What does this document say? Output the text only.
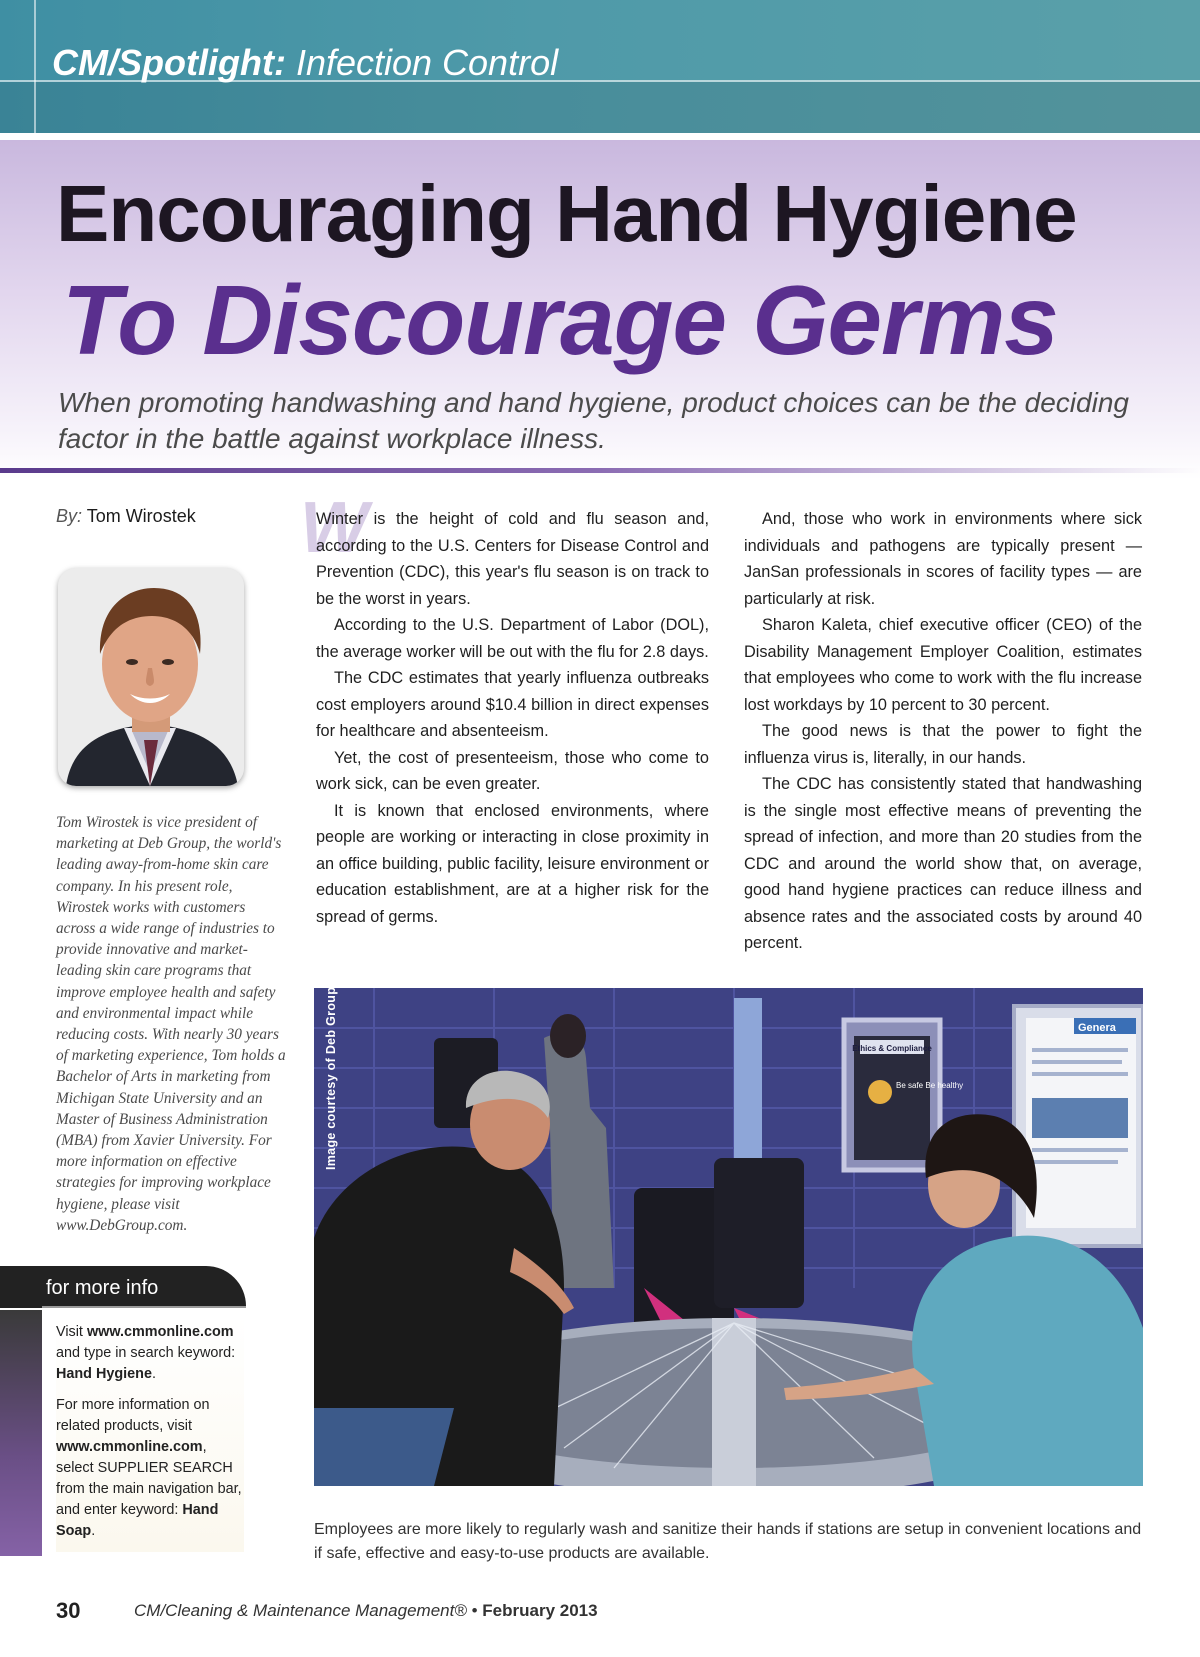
CM/Spotlight: Infection Control
Encouraging Hand Hygiene
To Discourage Germs
When promoting handwashing and hand hygiene, product choices can be the deciding factor in the battle against workplace illness.
By: Tom Wirostek
Tom Wirostek is vice president of marketing at Deb Group, the world's leading away-from-home skin care company. In his present role, Wirostek works with customers across a wide range of industries to provide innovative and market-leading skin care programs that improve employee health and safety and environmental impact while reducing costs. With nearly 30 years of marketing experience, Tom holds a Bachelor of Arts in marketing from Michigan State University and an Master of Business Administration (MBA) from Xavier University. For more information on effective strategies for improving workplace hygiene, please visit www.DebGroup.com.
for more info

Visit www.cmmonline.com and type in search keyword: Hand Hygiene.

For more information on related products, visit www.cmmonline.com, select SUPPLIER SEARCH from the main navigation bar, and enter keyword: Hand Soap.

W

Winter is the height of cold and flu season and, according to the U.S. Centers for Disease Control and Prevention (CDC), this year's flu season is on track to be the worst in years.

According to the U.S. Department of Labor (DOL), the average worker will be out with the flu for 2.8 days.

The CDC estimates that yearly influenza outbreaks cost employers around $10.4 billion in direct expenses for healthcare and absenteeism.

Yet, the cost of presenteeism, those who come to work sick, can be even greater.

It is known that enclosed environments, where people are working or interacting in close proximity in an office building, public facility, leisure environment or education establishment, are at a higher risk for the spread of germs.

And, those who work in environments where sick individuals and pathogens are typically present — JanSan professionals in scores of facility types — are particularly at risk.

Sharon Kaleta, chief executive officer (CEO) of the Disability Management Employer Coalition, estimates that employees who come to work with the flu increase lost workdays by 10 percent to 30 percent.

The good news is that the power to fight the influenza virus is, literally, in our hands.

The CDC has consistently stated that handwashing is the single most effective means of preventing the spread of infection, and more than 20 studies from the CDC and around the world show that, on average, good hand hygiene practices can reduce illness and absence rates and the associated costs by around 40 percent.

Ethics & Compliance
Be safe Be healthy
Genera
Image courtesy of Deb Group
Employees are more likely to regularly wash and sanitize their hands if stations are setup in convenient locations and if safe, effective and easy-to-use products are available.
30	CM/Cleaning & Maintenance Management® • February 2013
